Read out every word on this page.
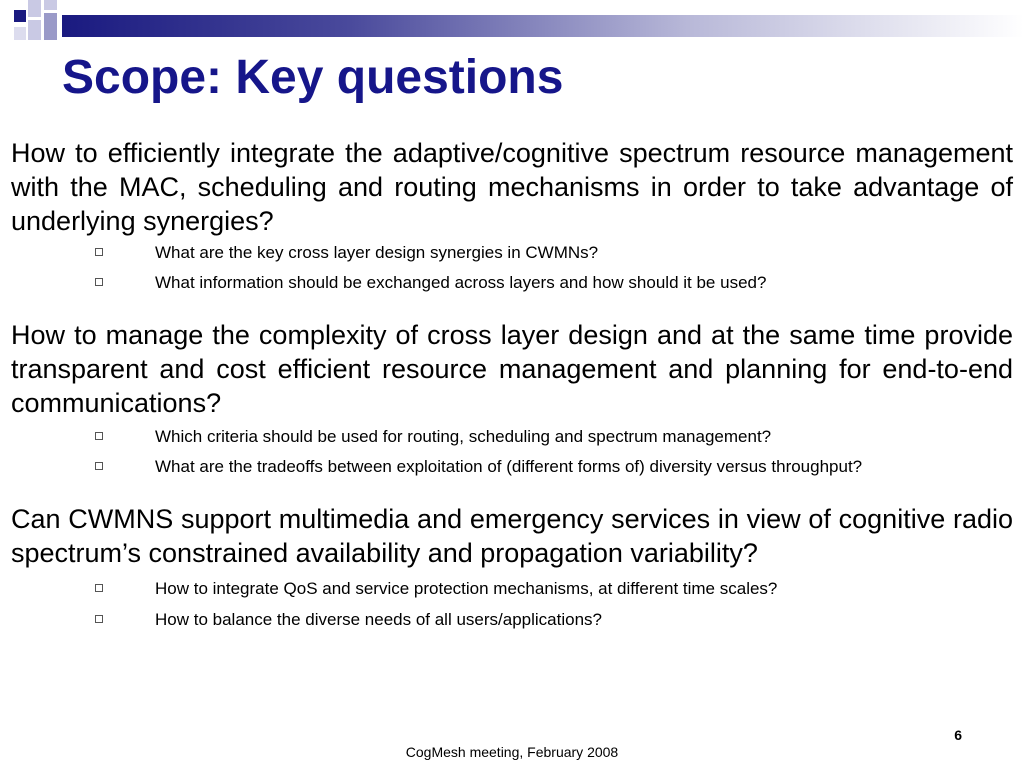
Scope: Key questions

How to efficiently integrate the adaptive/cognitive spectrum resource management with the MAC, scheduling and routing mechanisms in order to take advantage of underlying synergies?

What are the key cross layer design synergies in CWMNs?
What information should be exchanged across layers and how should it be used?

How to manage the complexity of cross layer design and at the same time provide transparent and cost efficient resource management and planning for end-to-end communications?

Which criteria should be used for routing, scheduling and spectrum management?
What are the tradeoffs between exploitation of (different forms of) diversity versus throughput?

Can CWMNS support multimedia and emergency services in view of cognitive radio spectrum’s constrained availability and propagation variability?

How to integrate QoS and service protection mechanisms, at different time scales?
How to balance the diverse needs of all users/applications?
6
CogMesh meeting, February 2008
